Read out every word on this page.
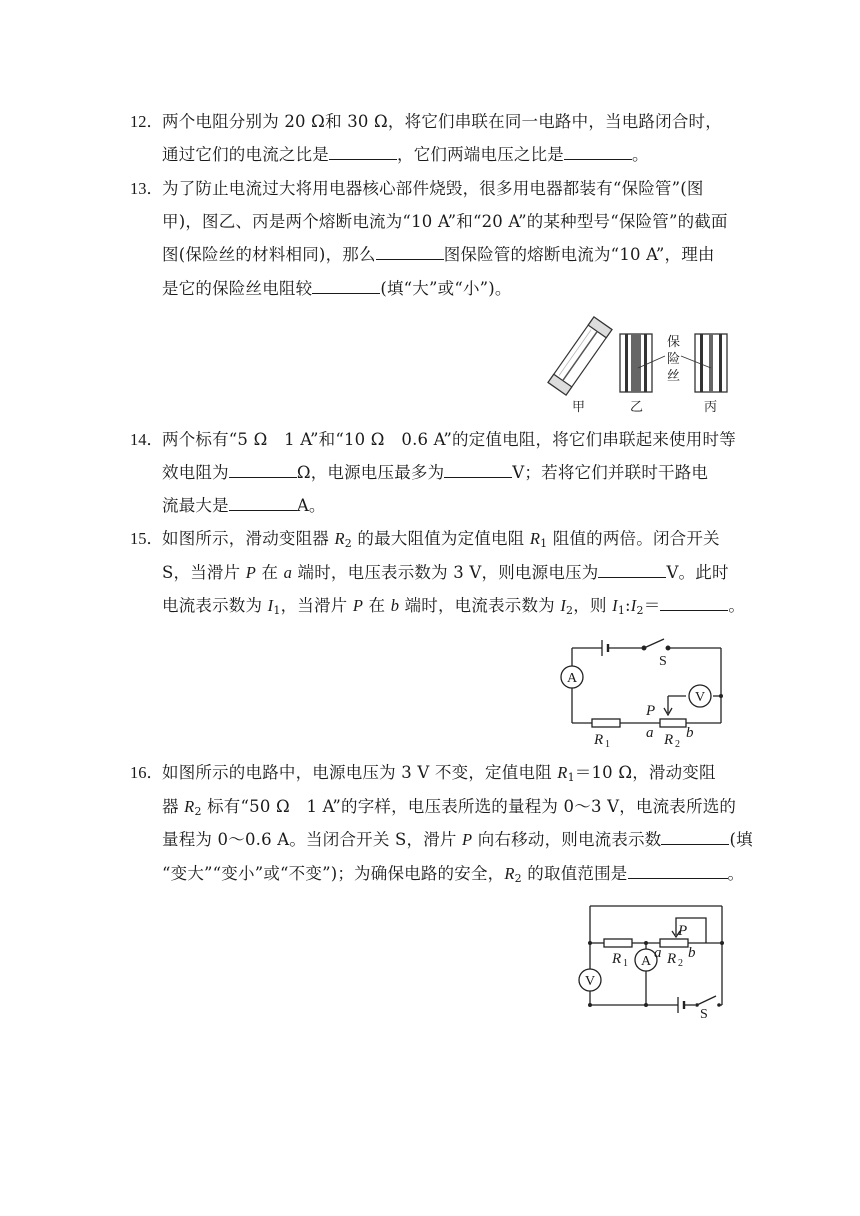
12． 两个电阻分别为 20 Ω和 30 Ω，将它们串联在同一电路中，当电路闭合时，
通过它们的电流之比是	，它们两端电压之比是	。
13． 为了防止电流过大将用电器核心部件烧毁，很多用电器都装有“保险管”(图
甲)，图乙、丙是两个熔断电流为“10 A”和“20 A”的某种型号“保险管”的截面
图(保险丝的材料相同)，那么	图保险管的熔断电流为“10 A”，理由
是它的保险丝电阻较	(填“大”或“小”)。
保
险
丝
甲	乙	丙
14． 两个标有“5 Ω　1 A”和“10 Ω　0.6 A”的定值电阻，将它们串联起来使用时等
效电阻为	Ω，电源电压最多为	V；若将它们并联时干路电
流最大是	A。
15． 如图所示，滑动变阻器 $R_2$ 的最大阻值为定值电阻 $R_1$ 阻值的两倍。闭合开关
S，当滑片 P 在 a 端时，电压表示数为 3 V，则电源电压为	V。此时
电流表示数为 $I_1$，当滑片 P 在 b 端时，电流表示数为 $I_2$，则 $I_1:I_2=$	。
A
V
S
P
R 1
a R 2
b
16． 如图所示的电路中，电源电压为 3 V 不变，定值电阻 $R_1=10$ Ω，滑动变阻
器 $R_2$ 标有“50 Ω　1 A”的字样，电压表所选的量程为 0～3 V，电流表所选的
量程为 0～0.6 A。当闭合开关 S，滑片 P 向右移动，则电流表示数	(填
“变大”“变小”或“不变”)；为确保电路的安全，$R_2$ 的取值范围是	。
V
A
P
R 1
a R 2
b
S
